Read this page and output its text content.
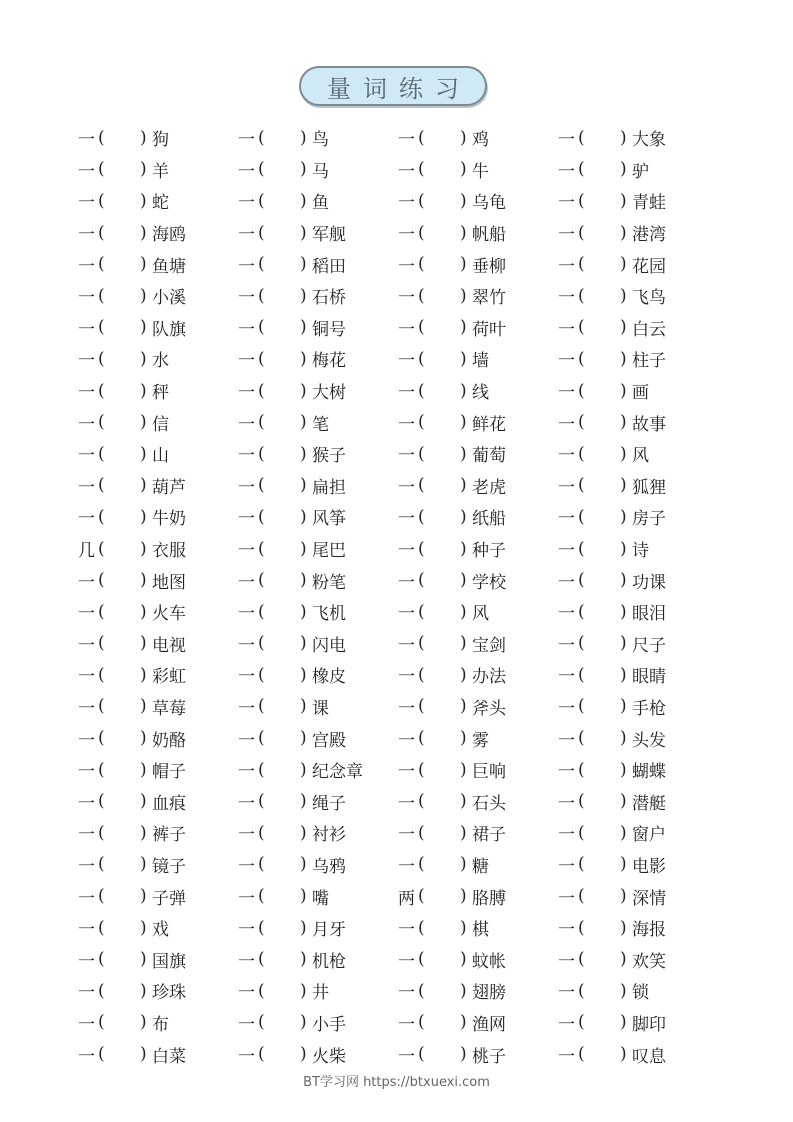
量词练习
一 (	) 狗	一 (	) 鸟	一 (	) 鸡	一 (	) 大象
一 (	) 羊	一 (	) 马	一 (	) 牛	一 (	) 驴
一 (	) 蛇	一 (	) 鱼	一 (	) 乌龟	一 (	) 青蛙
一 (	) 海鸥	一 (	) 军舰	一 (	) 帆船	一 (	) 港湾
一 (	) 鱼塘	一 (	) 稻田	一 (	) 垂柳	一 (	) 花园
一 (	) 小溪	一 (	) 石桥	一 (	) 翠竹	一 (	) 飞鸟
一 (	) 队旗	一 (	) 铜号	一 (	) 荷叶	一 (	) 白云
一 (	) 水	一 (	) 梅花	一 (	) 墙	一 (	) 柱子
一 (	) 秤	一 (	) 大树	一 (	) 线	一 (	) 画
一 (	) 信	一 (	) 笔	一 (	) 鲜花	一 (	) 故事
一 (	) 山	一 (	) 猴子	一 (	) 葡萄	一 (	) 风
一 (	) 葫芦	一 (	) 扁担	一 (	) 老虎	一 (	) 狐狸
一 (	) 牛奶	一 (	) 风筝	一 (	) 纸船	一 (	) 房子
几 (	) 衣服	一 (	) 尾巴	一 (	) 种子	一 (	) 诗
一 (	) 地图	一 (	) 粉笔	一 (	) 学校	一 (	) 功课
一 (	) 火车	一 (	) 飞机	一 (	) 风	一 (	) 眼泪
一 (	) 电视	一 (	) 闪电	一 (	) 宝剑	一 (	) 尺子
一 (	) 彩虹	一 (	) 橡皮	一 (	) 办法	一 (	) 眼睛
一 (	) 草莓	一 (	) 课	一 (	) 斧头	一 (	) 手枪
一 (	) 奶酪	一 (	) 宫殿	一 (	) 雾	一 (	) 头发
一 (	) 帽子	一 (	) 纪念章 一 (	) 巨响	一 (	) 蝴蝶
一 (	) 血痕	一 (	) 绳子	一 (	) 石头	一 (	) 潜艇
一 (	) 裤子	一 (	) 衬衫	一 (	) 裙子	一 (	) 窗户
一 (	) 镜子	一 (	) 乌鸦	一 (	) 糖	一 (	) 电影
一 (	) 子弹	一 (	) 嘴	两 (	) 胳膊	一 (	) 深情
一 (	) 戏	一 (	) 月牙	一 (	) 棋	一 (	) 海报
一 (	) 国旗	一 (	) 机枪	一 (	) 蚊帐	一 (	) 欢笑
一 (	) 珍珠	一 (	) 井	一 (	) 翅膀	一 (	) 锁
一 (	) 布	一 (	) 小手	一 (	) 渔网	一 (	) 脚印
一 (	) 白菜	一 (	) 火柴	一 (	) 桃子	一 (	) 叹息
BT学习网 https://btxuexi.com
